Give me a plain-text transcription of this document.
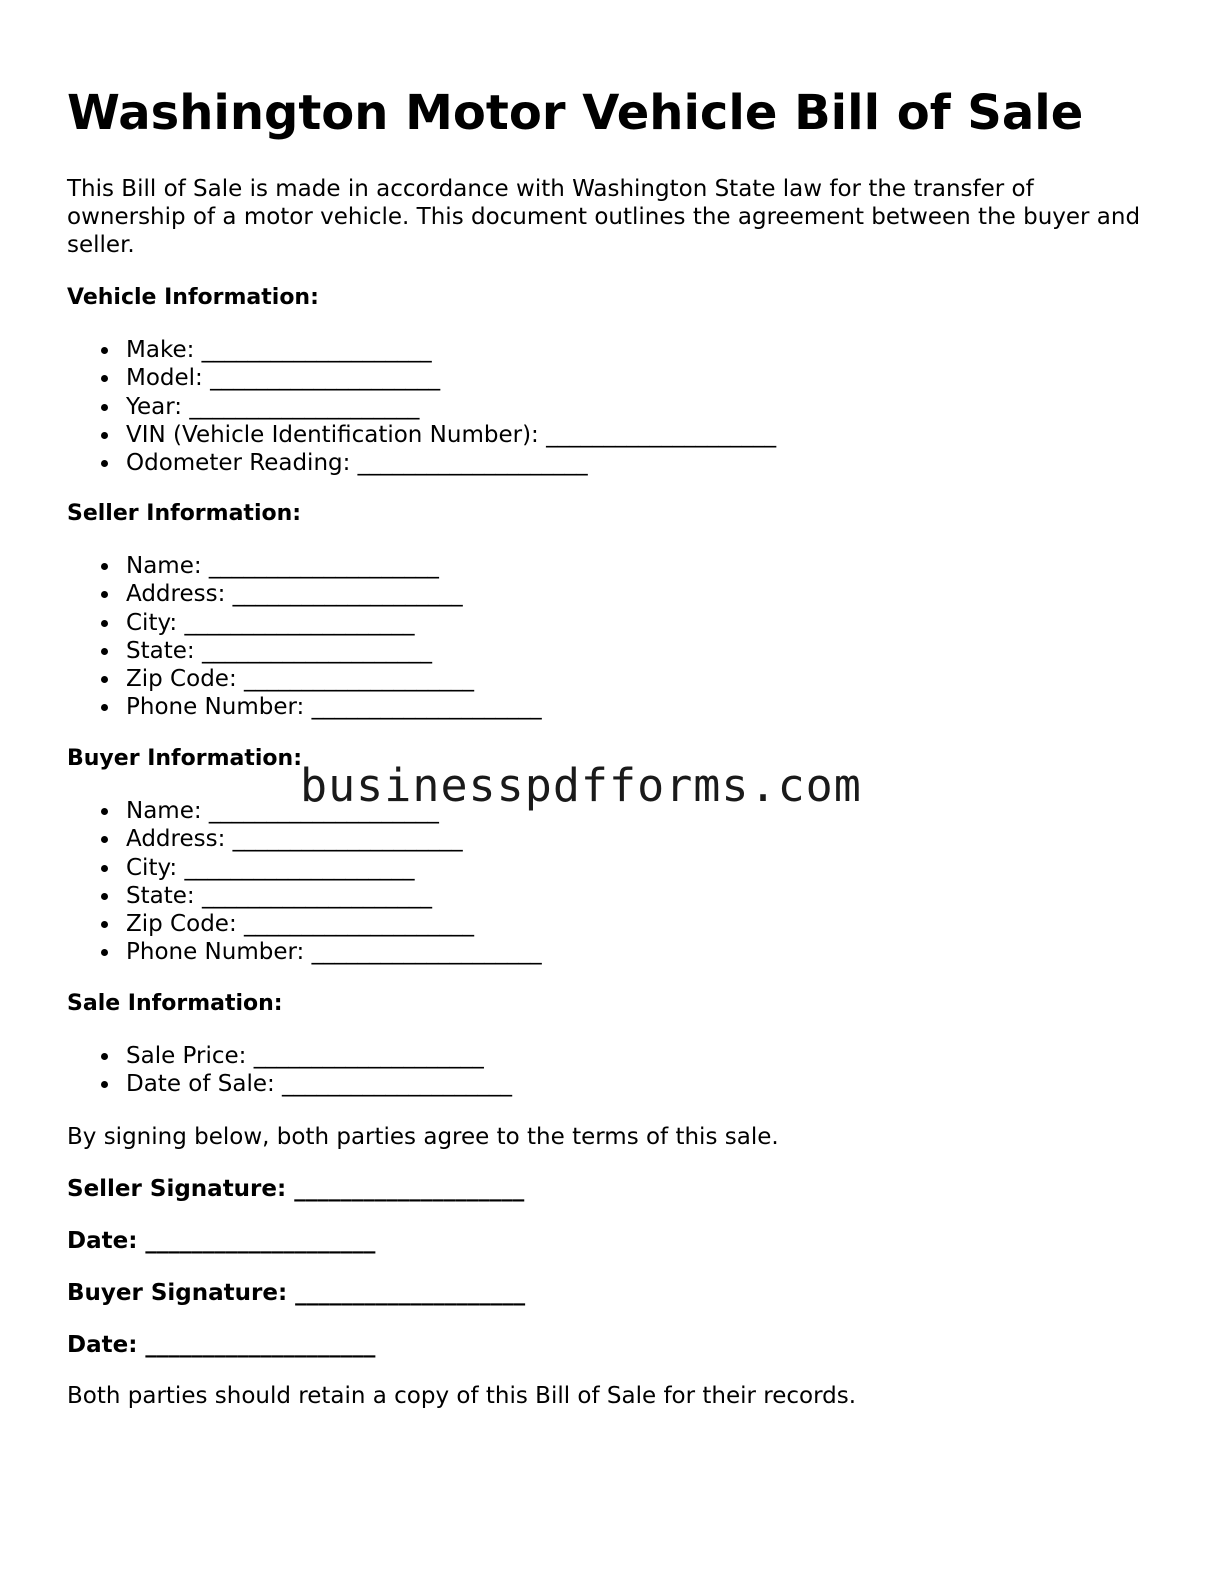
Washington Motor Vehicle Bill of Sale

This Bill of Sale is made in accordance with Washington State law for the transfer of ownership of a motor vehicle. This document outlines the agreement between the buyer and seller.

Vehicle Information:

Make: ____________________
Model: ____________________
Year: ____________________
VIN (Vehicle Identification Number): ____________________
Odometer Reading: ____________________

Seller Information:

Name: ____________________
Address: ____________________
City: ____________________
State: ____________________
Zip Code: ____________________
Phone Number: ____________________

Buyer Information:

Name: ____________________
Address: ____________________
City: ____________________
State: ____________________
Zip Code: ____________________
Phone Number: ____________________

Sale Information:

Sale Price: ____________________
Date of Sale: ____________________

By signing below, both parties agree to the terms of this sale.

Seller Signature: ____________________

Date: ____________________

Buyer Signature: ____________________

Date: ____________________

Both parties should retain a copy of this Bill of Sale for their records.

businesspdfforms.com
